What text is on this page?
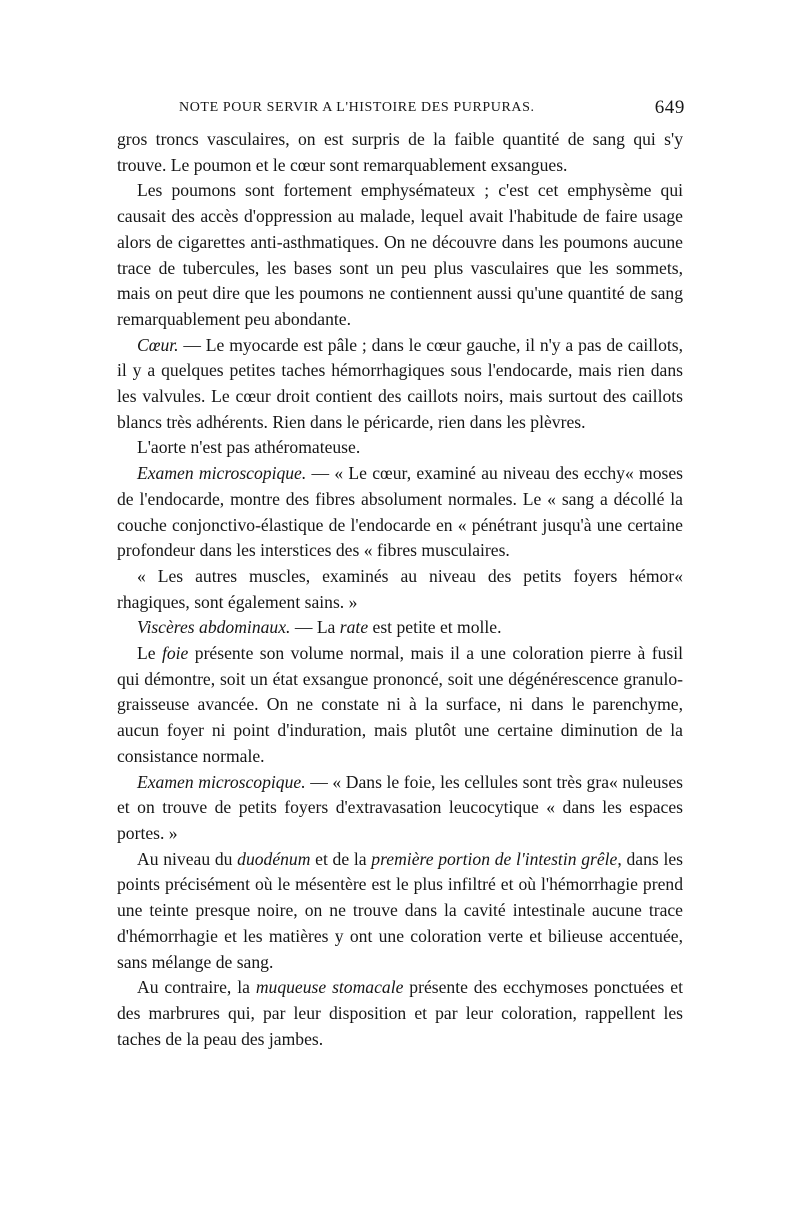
NOTE POUR SERVIR A L'HISTOIRE DES PURPURAS.	649

gros troncs vasculaires, on est surpris de la faible quantité de sang qui s'y trouve. Le poumon et le cœur sont remarquablement exsangues.

Les poumons sont fortement emphysémateux ; c'est cet emphysème qui causait des accès d'oppression au malade, lequel avait l'habitude de faire usage alors de cigarettes anti-asthmatiques. On ne découvre dans les poumons aucune trace de tubercules, les bases sont un peu plus vasculaires que les sommets, mais on peut dire que les poumons ne contiennent aussi qu'une quantité de sang remarquablement peu abondante.

Cœur. — Le myocarde est pâle ; dans le cœur gauche, il n'y a pas de caillots, il y a quelques petites taches hémorrhagiques sous l'endocarde, mais rien dans les valvules. Le cœur droit contient des caillots noirs, mais surtout des caillots blancs très adhérents. Rien dans le péricarde, rien dans les plèvres.

L'aorte n'est pas athéromateuse.

Examen microscopique. — « Le cœur, examiné au niveau des ecchy« moses de l'endocarde, montre des fibres absolument normales. Le « sang a décollé la couche conjonctivo-élastique de l'endocarde en « pénétrant jusqu'à une certaine profondeur dans les interstices des « fibres musculaires.

« Les autres muscles, examinés au niveau des petits foyers hémor« rhagiques, sont également sains. »

Viscères abdominaux. — La rate est petite et molle.

Le foie présente son volume normal, mais il a une coloration pierre à fusil qui démontre, soit un état exsangue prononcé, soit une dégénérescence granulo-graisseuse avancée. On ne constate ni à la surface, ni dans le parenchyme, aucun foyer ni point d'induration, mais plutôt une certaine diminution de la consistance normale.

Examen microscopique. — « Dans le foie, les cellules sont très gra« nuleuses et on trouve de petits foyers d'extravasation leucocytique « dans les espaces portes. »

Au niveau du duodénum et de la première portion de l'intestin grêle, dans les points précisément où le mésentère est le plus infiltré et où l'hémorrhagie prend une teinte presque noire, on ne trouve dans la cavité intestinale aucune trace d'hémorrhagie et les matières y ont une coloration verte et bilieuse accentuée, sans mélange de sang.

Au contraire, la muqueuse stomacale présente des ecchymoses ponctuées et des marbrures qui, par leur disposition et par leur coloration, rappellent les taches de la peau des jambes.
